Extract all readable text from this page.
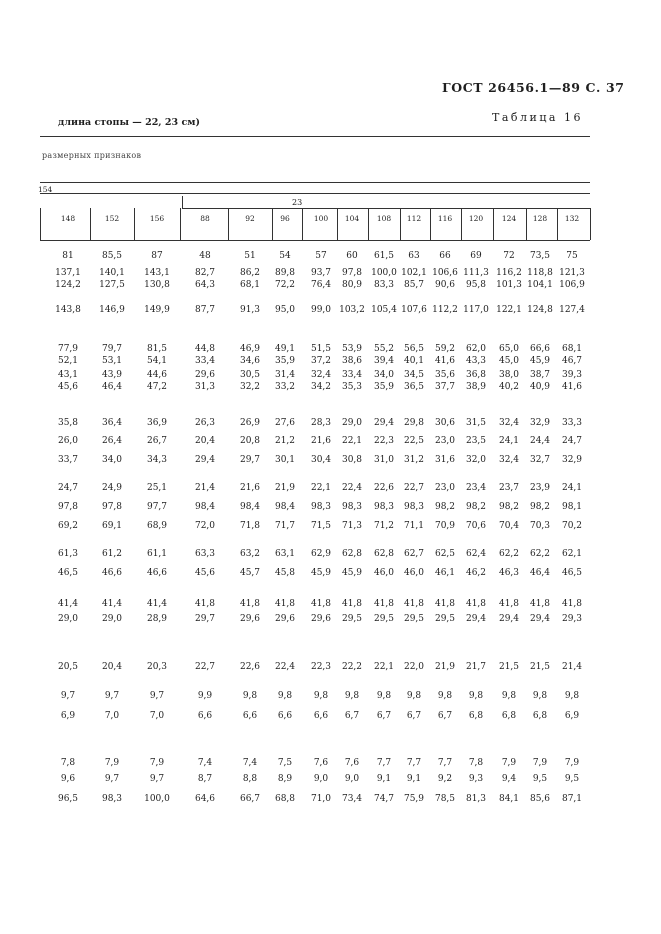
ГОСТ 26456.1—89 С. 37
Таблица 16
длина стопы — 22, 23 см)
размерных признаков
154
23
148	152	156	88	92	96	100	104	108	112	116	120	124	128	132
81	85,5	87	48	51	54	57	60	61,5	63	66	69	72	73,5	75
137,1	140,1	143,1	82,7	86,2	89,8	93,7	97,8	100,0 102,1 106,6 111,3 116,2 118,8 121,3
124,2	127,5	130,8	64,3	68,1	72,2	76,4	80,9	83,3	85,7	90,6	95,8	101,3 104,1 106,9
143,8	146,9	149,9	87,7	91,3	95,0	99,0 103,2 105,4 107,6 112,2 117,0 122,1 124,8 127,4
77,9	79,7	81,5	44,8	46,9	49,1	51,5	53,9	55,2	56,5	59,2	62,0	65,0	66,6	68,1
52,1	53,1	54,1	33,4	34,6	35,9	37,2	38,6	39,4	40,1	41,6	43,3	45,0	45,9	46,7
43,1	43,9	44,6	29,6	30,5	31,4	32,4	33,4	34,0	34,5	35,6	36,8	38,0	38,7	39,3
45,6	46,4	47,2	31,3	32,2	33,2	34,2	35,3	35,9	36,5	37,7	38,9	40,2	40,9	41,6
35,8	36,4	36,9	26,3	26,9	27,6	28,3	29,0	29,4	29,8	30,6	31,5	32,4	32,9	33,3
26,0	26,4	26,7	20,4	20,8	21,2	21,6	22,1	22,3	22,5	23,0	23,5	24,1	24,4	24,7
33,7	34,0	34,3	29,4	29,7	30,1	30,4	30,8	31,0	31,2	31,6	32,0	32,4	32,7	32,9
24,7	24,9	25,1	21,4	21,6	21,9	22,1	22,4	22,6	22,7	23,0	23,4	23,7	23,9	24,1
97,8	97,8	97,7	98,4	98,4	98,4	98,3	98,3	98,3	98,3	98,2	98,2	98,2	98,2	98,1
69,2	69,1	68,9	72,0	71,8	71,7	71,5	71,3	71,2	71,1	70,9	70,6	70,4	70,3	70,2
61,3	61,2	61,1	63,3	63,2	63,1	62,9	62,8	62,8	62,7	62,5	62,4	62,2	62,2	62,1
46,5	46,6	46,6	45,6	45,7	45,8	45,9	45,9	46,0	46,0	46,1	46,2	46,3	46,4	46,5
41,4	41,4	41,4	41,8	41,8	41,8	41,8	41,8	41,8	41,8	41,8	41,8	41,8	41,8	41,8
29,0	29,0	28,9	29,7	29,6	29,6	29,6	29,5	29,5	29,5	29,5	29,4	29,4	29,4	29,3
20,5	20,4	20,3	22,7	22,6	22,4	22,3	22,2	22,1	22,0	21,9	21,7	21,5	21,5	21,4
9,7	9,7	9,7	9,9	9,8	9,8	9,8	9,8	9,8	9,8	9,8	9,8	9,8	9,8	9,8
6,9	7,0	7,0	6,6	6,6	6,6	6,6	6,7	6,7	6,7	6,7	6,8	6,8	6,8	6,9
7,8	7,9	7,9	7,4	7,4	7,5	7,6	7,6	7,7	7,7	7,7	7,8	7,9	7,9	7,9
9,6	9,7	9,7	8,7	8,8	8,9	9,0	9,0	9,1	9,1	9,2	9,3	9,4	9,5	9,5
96,5	98,3	100,0	64,6	66,7	68,8	71,0	73,4	74,7	75,9	78,5	81,3	84,1	85,6	87,1
